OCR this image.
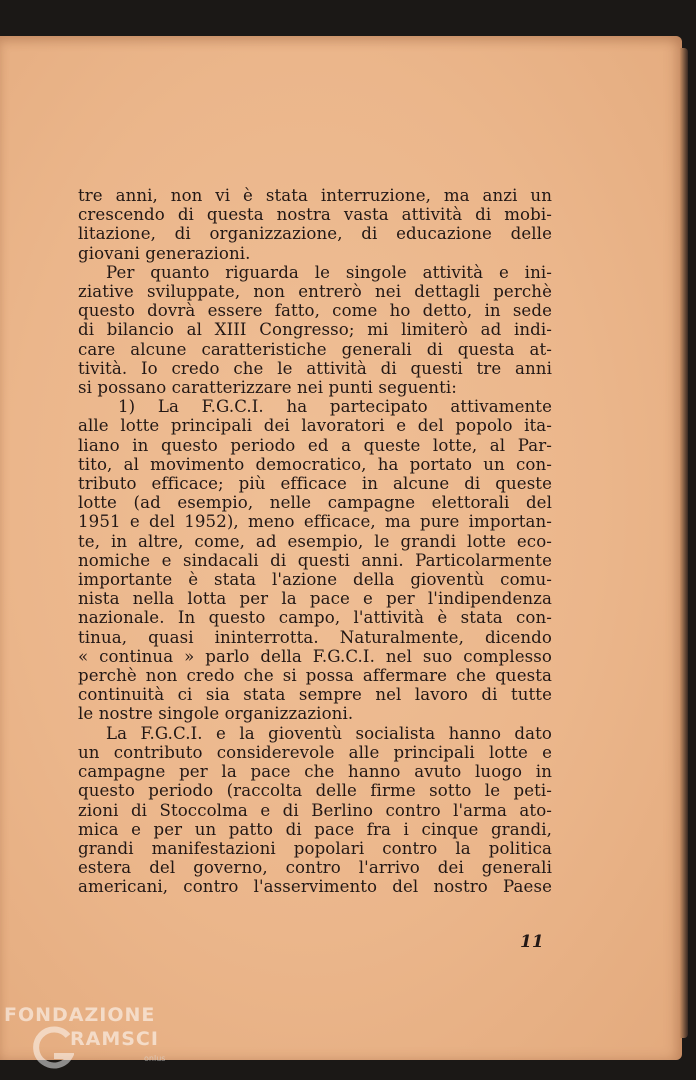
tre anni, non vi è stata interruzione, ma anzi un
crescendo di questa nostra vasta attività di mobi-
litazione, di organizzazione, di educazione delle
giovani generazioni.

Per quanto riguarda le singole attività e ini-
ziative sviluppate, non entrerò nei dettagli perchè
questo dovrà essere fatto, come ho detto, in sede
di bilancio al XIII Congresso; mi limiterò ad indi-
care alcune caratteristiche generali di questa at-
tività. Io credo che le attività di questi tre anni
si possano caratterizzare nei punti seguenti:

1) La F.G.C.I. ha partecipato attivamente
alle lotte principali dei lavoratori e del popolo ita-
liano in questo periodo ed a queste lotte, al Par-
tito, al movimento democratico, ha portato un con-
tributo efficace; più efficace in alcune di queste
lotte (ad esempio, nelle campagne elettorali del
1951 e del 1952), meno efficace, ma pure importan-
te, in altre, come, ad esempio, le grandi lotte eco-
nomiche e sindacali di questi anni. Particolarmente
importante è stata l'azione della gioventù comu-
nista nella lotta per la pace e per l'indipendenza
nazionale. In questo campo, l'attività è stata con-
tinua, quasi ininterrotta. Naturalmente, dicendo
« continua » parlo della F.G.C.I. nel suo complesso
perchè non credo che si possa affermare che questa
continuità ci sia stata sempre nel lavoro di tutte
le nostre singole organizzazioni.

La F.G.C.I. e la gioventù socialista hanno dato
un contributo considerevole alle principali lotte e
campagne per la pace che hanno avuto luogo in
questo periodo (raccolta delle firme sotto le peti-
zioni di Stoccolma e di Berlino contro l'arma ato-
mica e per un patto di pace fra i cinque grandi,
grandi manifestazioni popolari contro la politica
estera del governo, contro l'arrivo dei generali
americani, contro l'asservimento del nostro Paese

11
FONDAZIONE
RAMSCI
onlus
